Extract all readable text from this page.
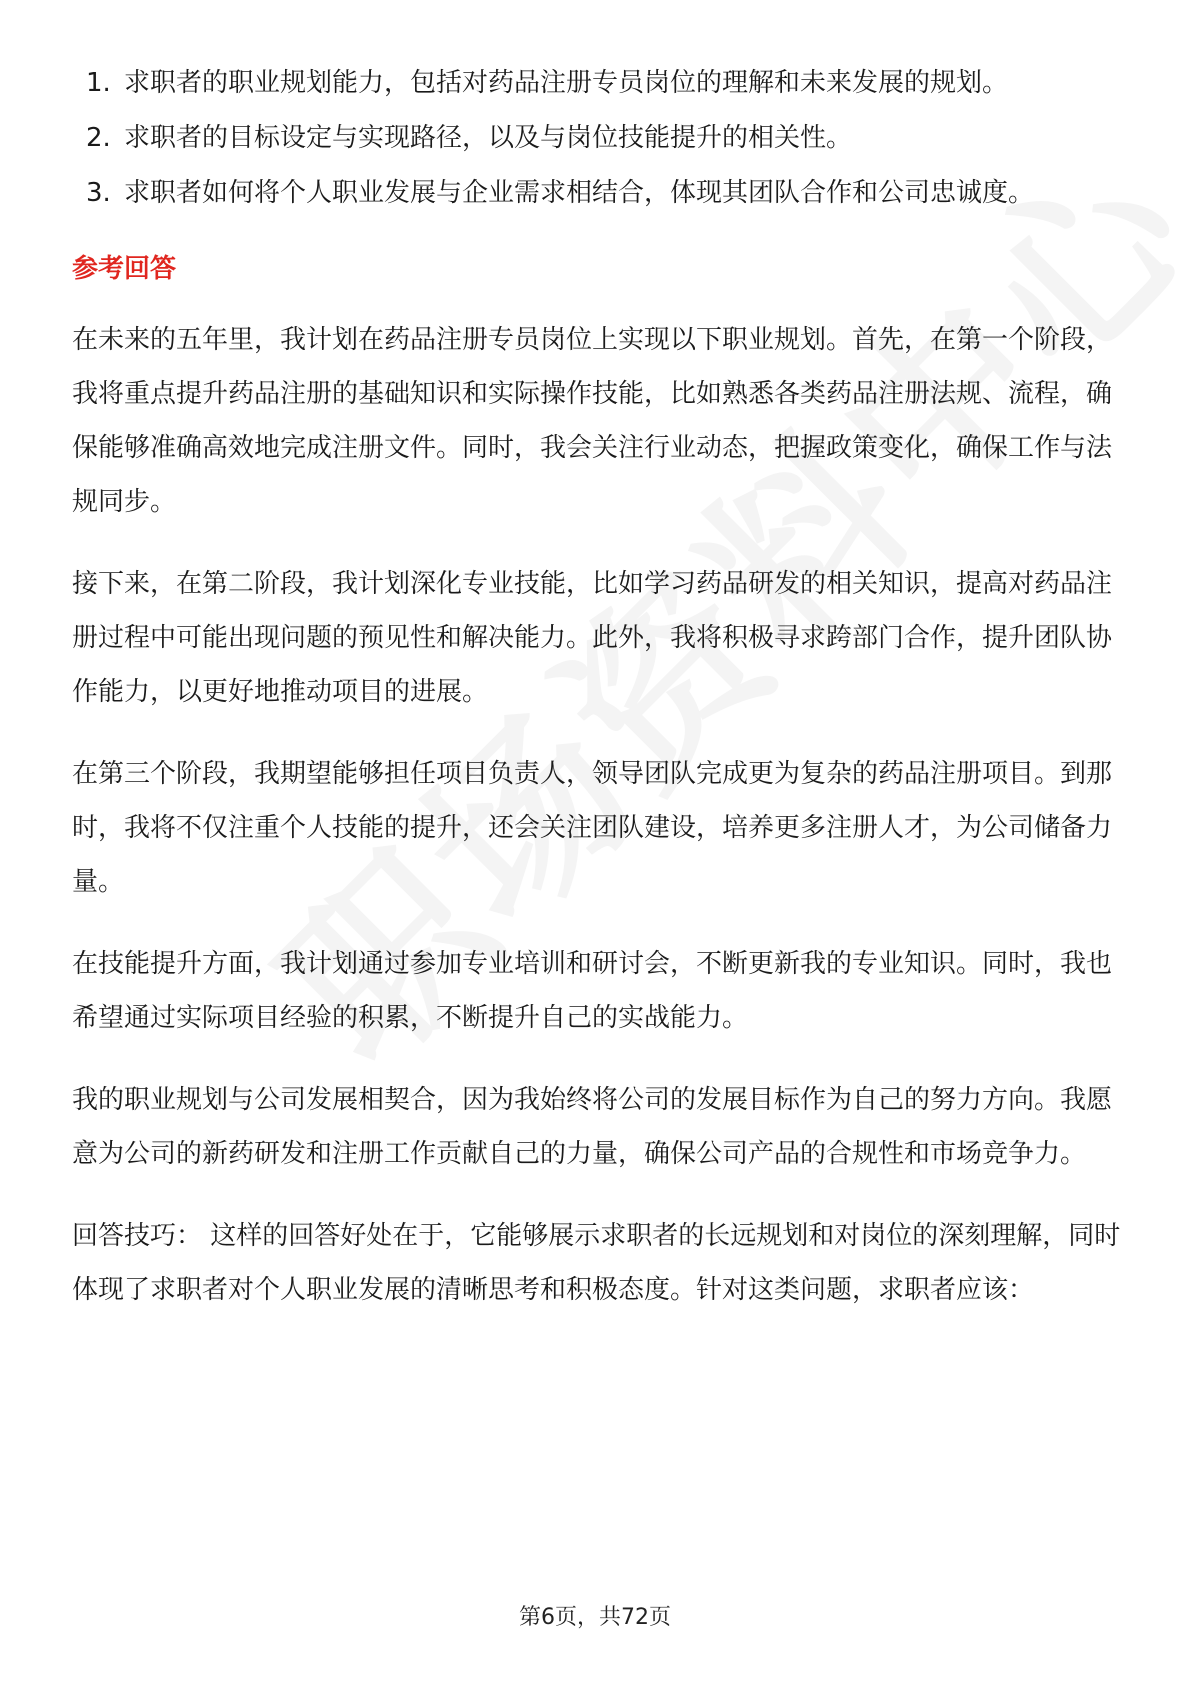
1. 求职者的职业规划能力，包括对药品注册专员岗位的理解和未来发展的规划。
2. 求职者的目标设定与实现路径，以及与岗位技能提升的相关性。
3. 求职者如何将个人职业发展与企业需求相结合，体现其团队合作和公司忠诚度。
参考回答

在未来的五年里，我计划在药品注册专员岗位上实现以下职业规划。首先，在第一个阶段，我将重点提升药品注册的基础知识和实际操作技能，比如熟悉各类药品注册法规、流程，确保能够准确高效地完成注册文件。同时，我会关注行业动态，把握政策变化，确保工作与法规同步。

接下来，在第二阶段，我计划深化专业技能，比如学习药品研发的相关知识，提高对药品注册过程中可能出现问题的预见性和解决能力。此外，我将积极寻求跨部门合作，提升团队协作能力，以更好地推动项目的进展。

在第三个阶段，我期望能够担任项目负责人，领导团队完成更为复杂的药品注册项目。到那时，我将不仅注重个人技能的提升，还会关注团队建设，培养更多注册人才，为公司储备力量。

在技能提升方面，我计划通过参加专业培训和研讨会，不断更新我的专业知识。同时，我也希望通过实际项目经验的积累，不断提升自己的实战能力。

我的职业规划与公司发展相契合，因为我始终将公司的发展目标作为自己的努力方向。我愿意为公司的新药研发和注册工作贡献自己的力量，确保公司产品的合规性和市场竞争力。

回答技巧： 这样的回答好处在于，它能够展示求职者的长远规划和对岗位的深刻理解，同时体现了求职者对个人职业发展的清晰思考和积极态度。针对这类问题，求职者应该：

第6页，共72页
